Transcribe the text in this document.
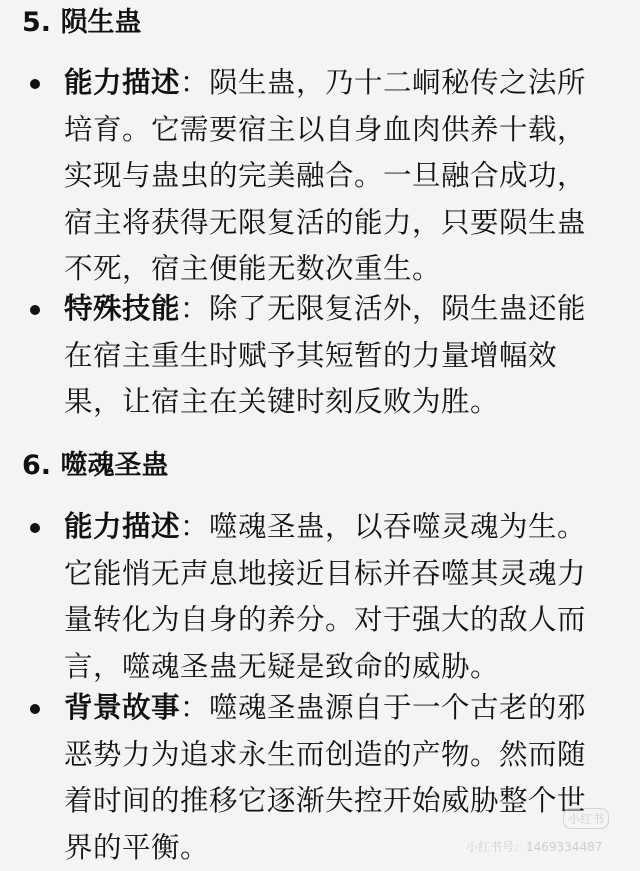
5. 陨生蛊
能力描述：陨生蛊，乃十二峒秘传之法所培育。它需要宿主以自身血肉供养十载，实现与蛊虫的完美融合。一旦融合成功，宿主将获得无限复活的能力，只要陨生蛊不死，宿主便能无数次重生。
特殊技能：除了无限复活外，陨生蛊还能在宿主重生时赋予其短暂的力量增幅效果，让宿主在关键时刻反败为胜。
6. 噬魂圣蛊
能力描述：噬魂圣蛊，以吞噬灵魂为生。它能悄无声息地接近目标并吞噬其灵魂力量转化为自身的养分。对于强大的敌人而言，噬魂圣蛊无疑是致命的威胁。
背景故事：噬魂圣蛊源自于一个古老的邪恶势力为追求永生而创造的产物。然而随着时间的推移它逐渐失控开始威胁整个世界的平衡。
小红书
小红书号：1469334487
